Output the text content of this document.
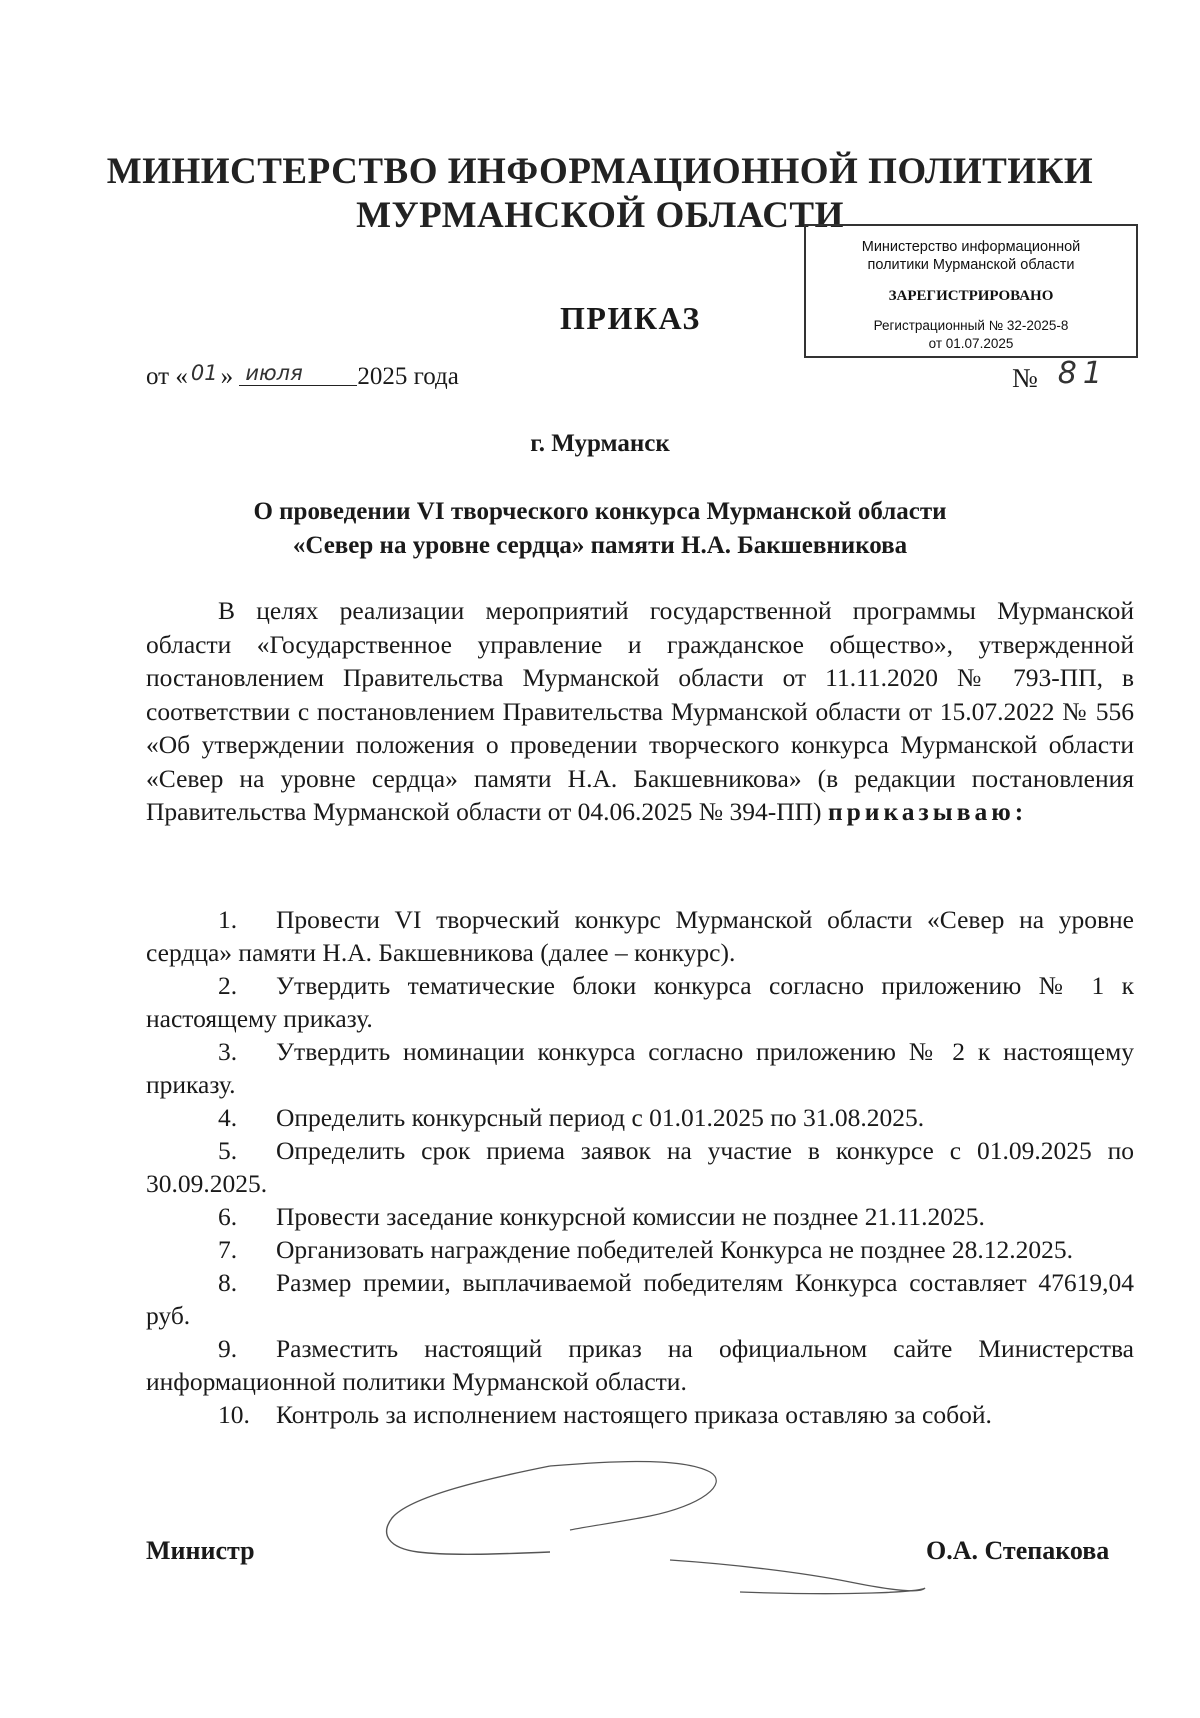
МИНИСТЕРСТВО ИНФОРМАЦИОННОЙ ПОЛИТИКИ
МУРМАНСКОЙ ОБЛАСТИ
Министерство информационной
политики Мурманской области
ЗАРЕГИСТРИРОВАНО
Регистрационный № 32-2025-8
от 01.07.2025
ПРИКАЗ
от « 01 » июля 2025 года	№ 81
г. Мурманск
О проведении VI творческого конкурса Мурманской области
«Север на уровне сердца» памяти Н.А. Бакшевникова
В целях реализации мероприятий государственной программы Мурманской области «Государственное управление и гражданское общество», утвержденной постановлением Правительства Мурманской области от 11.11.2020 № 793-ПП, в соответствии с постановлением Правительства Мурманской области от 15.07.2022 № 556 «Об утверждении положения о проведении творческого конкурса Мурманской области «Север на уровне сердца» памяти Н.А. Бакшевникова» (в редакции постановления Правительства Мурманской области от 04.06.2025 № 394-ПП) приказываю:
1. Провести VI творческий конкурс Мурманской области «Север на уровне сердца» памяти Н.А. Бакшевникова (далее – конкурс).
2. Утвердить тематические блоки конкурса согласно приложению № 1 к настоящему приказу.
3. Утвердить номинации конкурса согласно приложению № 2 к настоящему приказу.
4. Определить конкурсный период с 01.01.2025 по 31.08.2025.
5. Определить срок приема заявок на участие в конкурсе с 01.09.2025 по 30.09.2025.
6. Провести заседание конкурсной комиссии не позднее 21.11.2025.
7. Организовать награждение победителей Конкурса не позднее 28.12.2025.
8. Размер премии, выплачиваемой победителям Конкурса составляет 47619,04 руб.
9. Разместить настоящий приказ на официальном сайте Министерства информационной политики Мурманской области.
10. Контроль за исполнением настоящего приказа оставляю за собой.
Министр	О.А. Степакова
